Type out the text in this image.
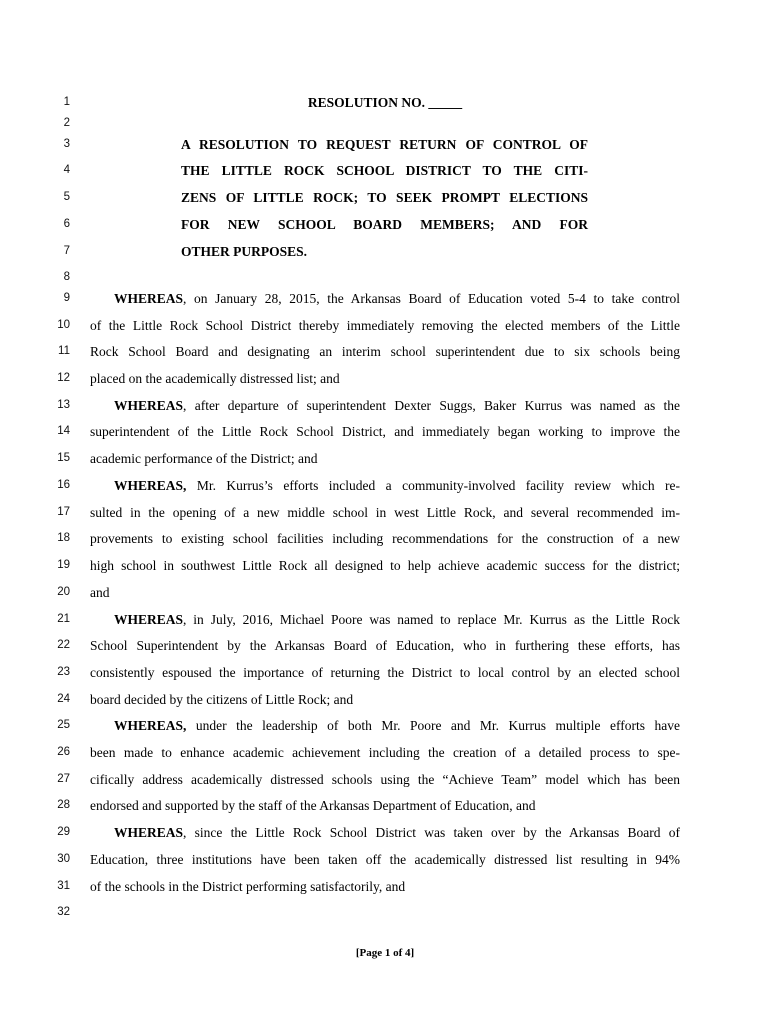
1
2
3
4
5
6
7
8
9
10
11
12
13
14
15
16
17
18
19
20
21
22
23
24
25
26
27
28
29
30
31
32
RESOLUTION NO. _____
A RESOLUTION TO REQUEST RETURN OF CONTROL OF
THE LITTLE ROCK SCHOOL DISTRICT TO THE CITI-
ZENS OF LITTLE ROCK; TO SEEK PROMPT ELECTIONS
FOR NEW SCHOOL BOARD MEMBERS; AND FOR
OTHER PURPOSES.
WHEREAS, on January 28, 2015, the Arkansas Board of Education voted 5-4 to take control
of the Little Rock School District thereby immediately removing the elected members of the Little
Rock School Board and designating an interim school superintendent due to six schools being
placed on the academically distressed list; and
WHEREAS, after departure of superintendent Dexter Suggs, Baker Kurrus was named as the
superintendent of the Little Rock School District, and immediately began working to improve the
academic performance of the District; and
WHEREAS, Mr. Kurrus’s efforts included a community-involved facility review which re-
sulted in the opening of a new middle school in west Little Rock, and several recommended im-
provements to existing school facilities including recommendations for the construction of a new
high school in southwest Little Rock all designed to help achieve academic success for the district;
and
WHEREAS, in July, 2016, Michael Poore was named to replace Mr. Kurrus as the Little Rock
School Superintendent by the Arkansas Board of Education, who in furthering these efforts, has
consistently espoused the importance of returning the District to local control by an elected school
board decided by the citizens of Little Rock; and
WHEREAS, under the leadership of both Mr. Poore and Mr. Kurrus multiple efforts have
been made to enhance academic achievement including the creation of a detailed process to spe-
cifically address academically distressed schools using the “Achieve Team” model which has been
endorsed and supported by the staff of the Arkansas Department of Education, and
WHEREAS, since the Little Rock School District was taken over by the Arkansas Board of
Education, three institutions have been taken off the academically distressed list resulting in 94%
of the schools in the District performing satisfactorily, and
[Page 1 of 4]
